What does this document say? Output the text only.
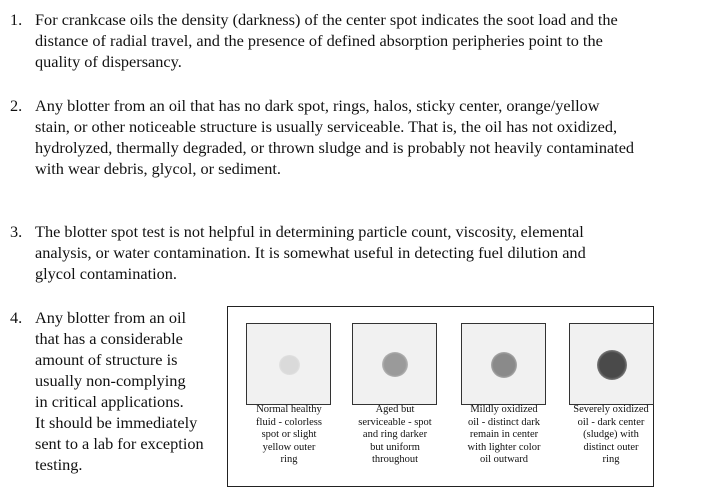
1. For crankcase oils the density (darkness) of the center spot indicates the soot load and the
distance of radial travel, and the presence of defined absorption peripheries point to the
quality of dispersancy.
2. Any blotter from an oil that has no dark spot, rings, halos, sticky center, orange/yellow
stain, or other noticeable structure is usually serviceable. That is, the oil has not oxidized,
hydrolyzed, thermally degraded, or thrown sludge and is probably not heavily contaminated
with wear debris, glycol, or sediment.
3. The blotter spot test is not helpful in determining particle count, viscosity, elemental
analysis, or water contamination. It is somewhat useful in detecting fuel dilution and
glycol contamination.
4. Any blotter from an oil
that has a considerable
amount of structure is
usually non-complying
in critical applications.
It should be immediately
sent to a lab for exception
testing.
Normal healthy
fluid - colorless
spot or slight
yellow outer
ring
Aged but
serviceable - spot
and ring darker
but uniform
throughout
Mildly oxidized
oil - distinct dark
remain in center
with lighter color
oil outward
Severely oxidized
oil - dark center
(sludge) with
distinct outer
ring
